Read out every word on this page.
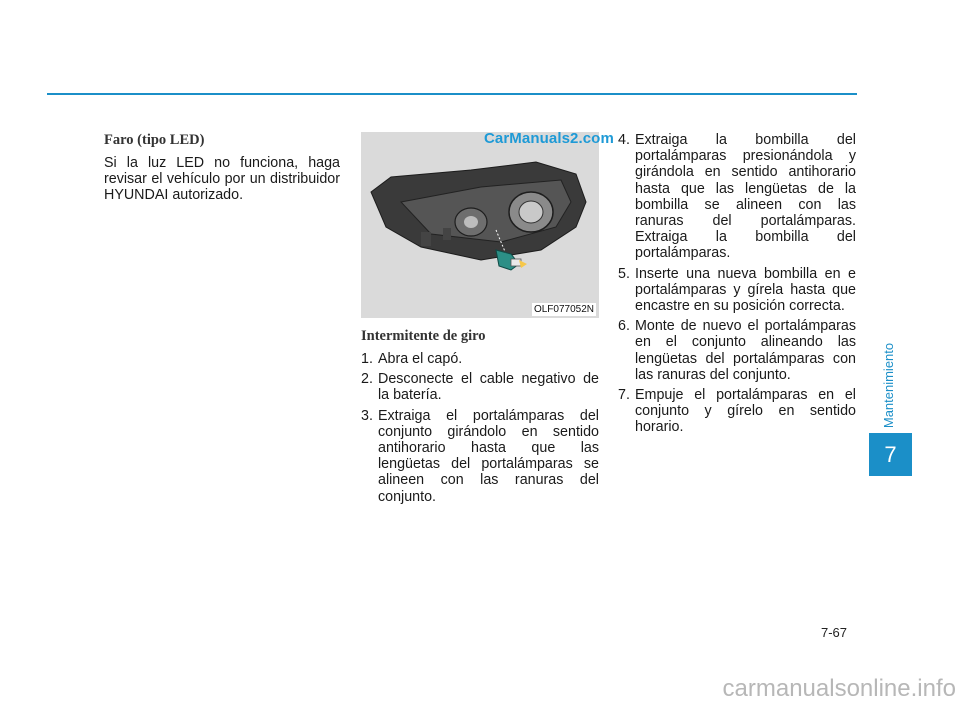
Faro (tipo LED)

Si la luz LED no funciona, haga revisar el vehículo por un distribuidor HYUNDAI autorizado.

OLF077052N
Intermitente de giro
1. Abra el capó.
2. Desconecte el cable negativo de la batería.
3. Extraiga el portalámparas del conjunto girándolo en sentido antihorario hasta que las lengüetas del portalámparas se alineen con las ranuras del conjunto.
CarManuals2.com 4. Extraiga la bombilla del portalámparas presionándola y girándola en sentido antihorario hasta que las lengüetas de la bombilla se alineen con las ranuras del portalámparas. Extraiga la bombilla del portalámparas.
5. Inserte una nueva bombilla en e portalámparas y gírela hasta que encastre en su posición correcta.
6. Monte de nuevo el portalámparas en el conjunto alineando las lengüetas del portalámparas con las ranuras del conjunto.
7. Empuje el portalámparas en el conjunto y gírelo en sentido horario.	Mantenimiento
7
7-67
carmanualsonline.info
